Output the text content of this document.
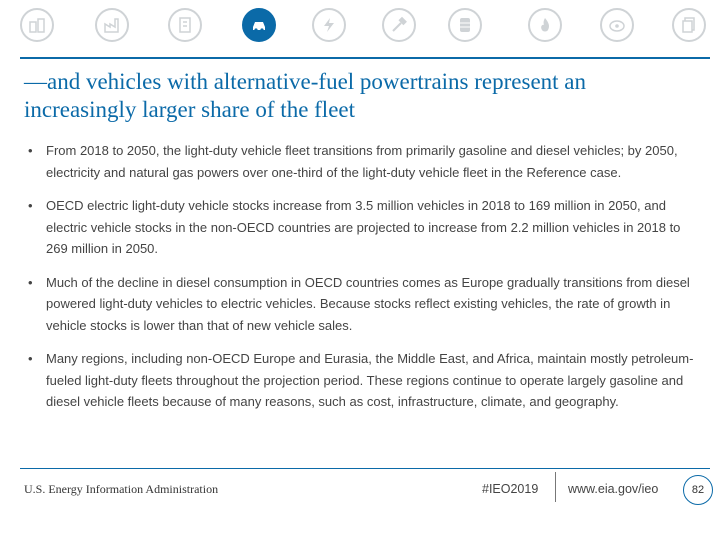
—and vehicles with alternative-fuel powertrains represent an increasingly larger share of the fleet
• From 2018 to 2050, the light-duty vehicle fleet transitions from primarily gasoline and diesel vehicles; by 2050, electricity and natural gas powers over one-third of the light-duty vehicle fleet in the Reference case.
• OECD electric light-duty vehicle stocks increase from 3.5 million vehicles in 2018 to 169 million in 2050, and electric vehicle stocks in the non-OECD countries are projected to increase from 2.2 million vehicles in 2018 to 269 million in 2050.
• Much of the decline in diesel consumption in OECD countries comes as Europe gradually transitions from diesel powered light-duty vehicles to electric vehicles. Because stocks reflect existing vehicles, the rate of growth in vehicle stocks is lower than that of new vehicle sales.
• Many regions, including non-OECD Europe and Eurasia, the Middle East, and Africa, maintain mostly petroleum-fueled light-duty fleets throughout the projection period. These regions continue to operate largely gasoline and diesel vehicle fleets because of many reasons, such as cost, infrastructure, climate, and geography.
U.S. Energy Information Administration	#IEO2019 www.eia.gov/ieo	82
